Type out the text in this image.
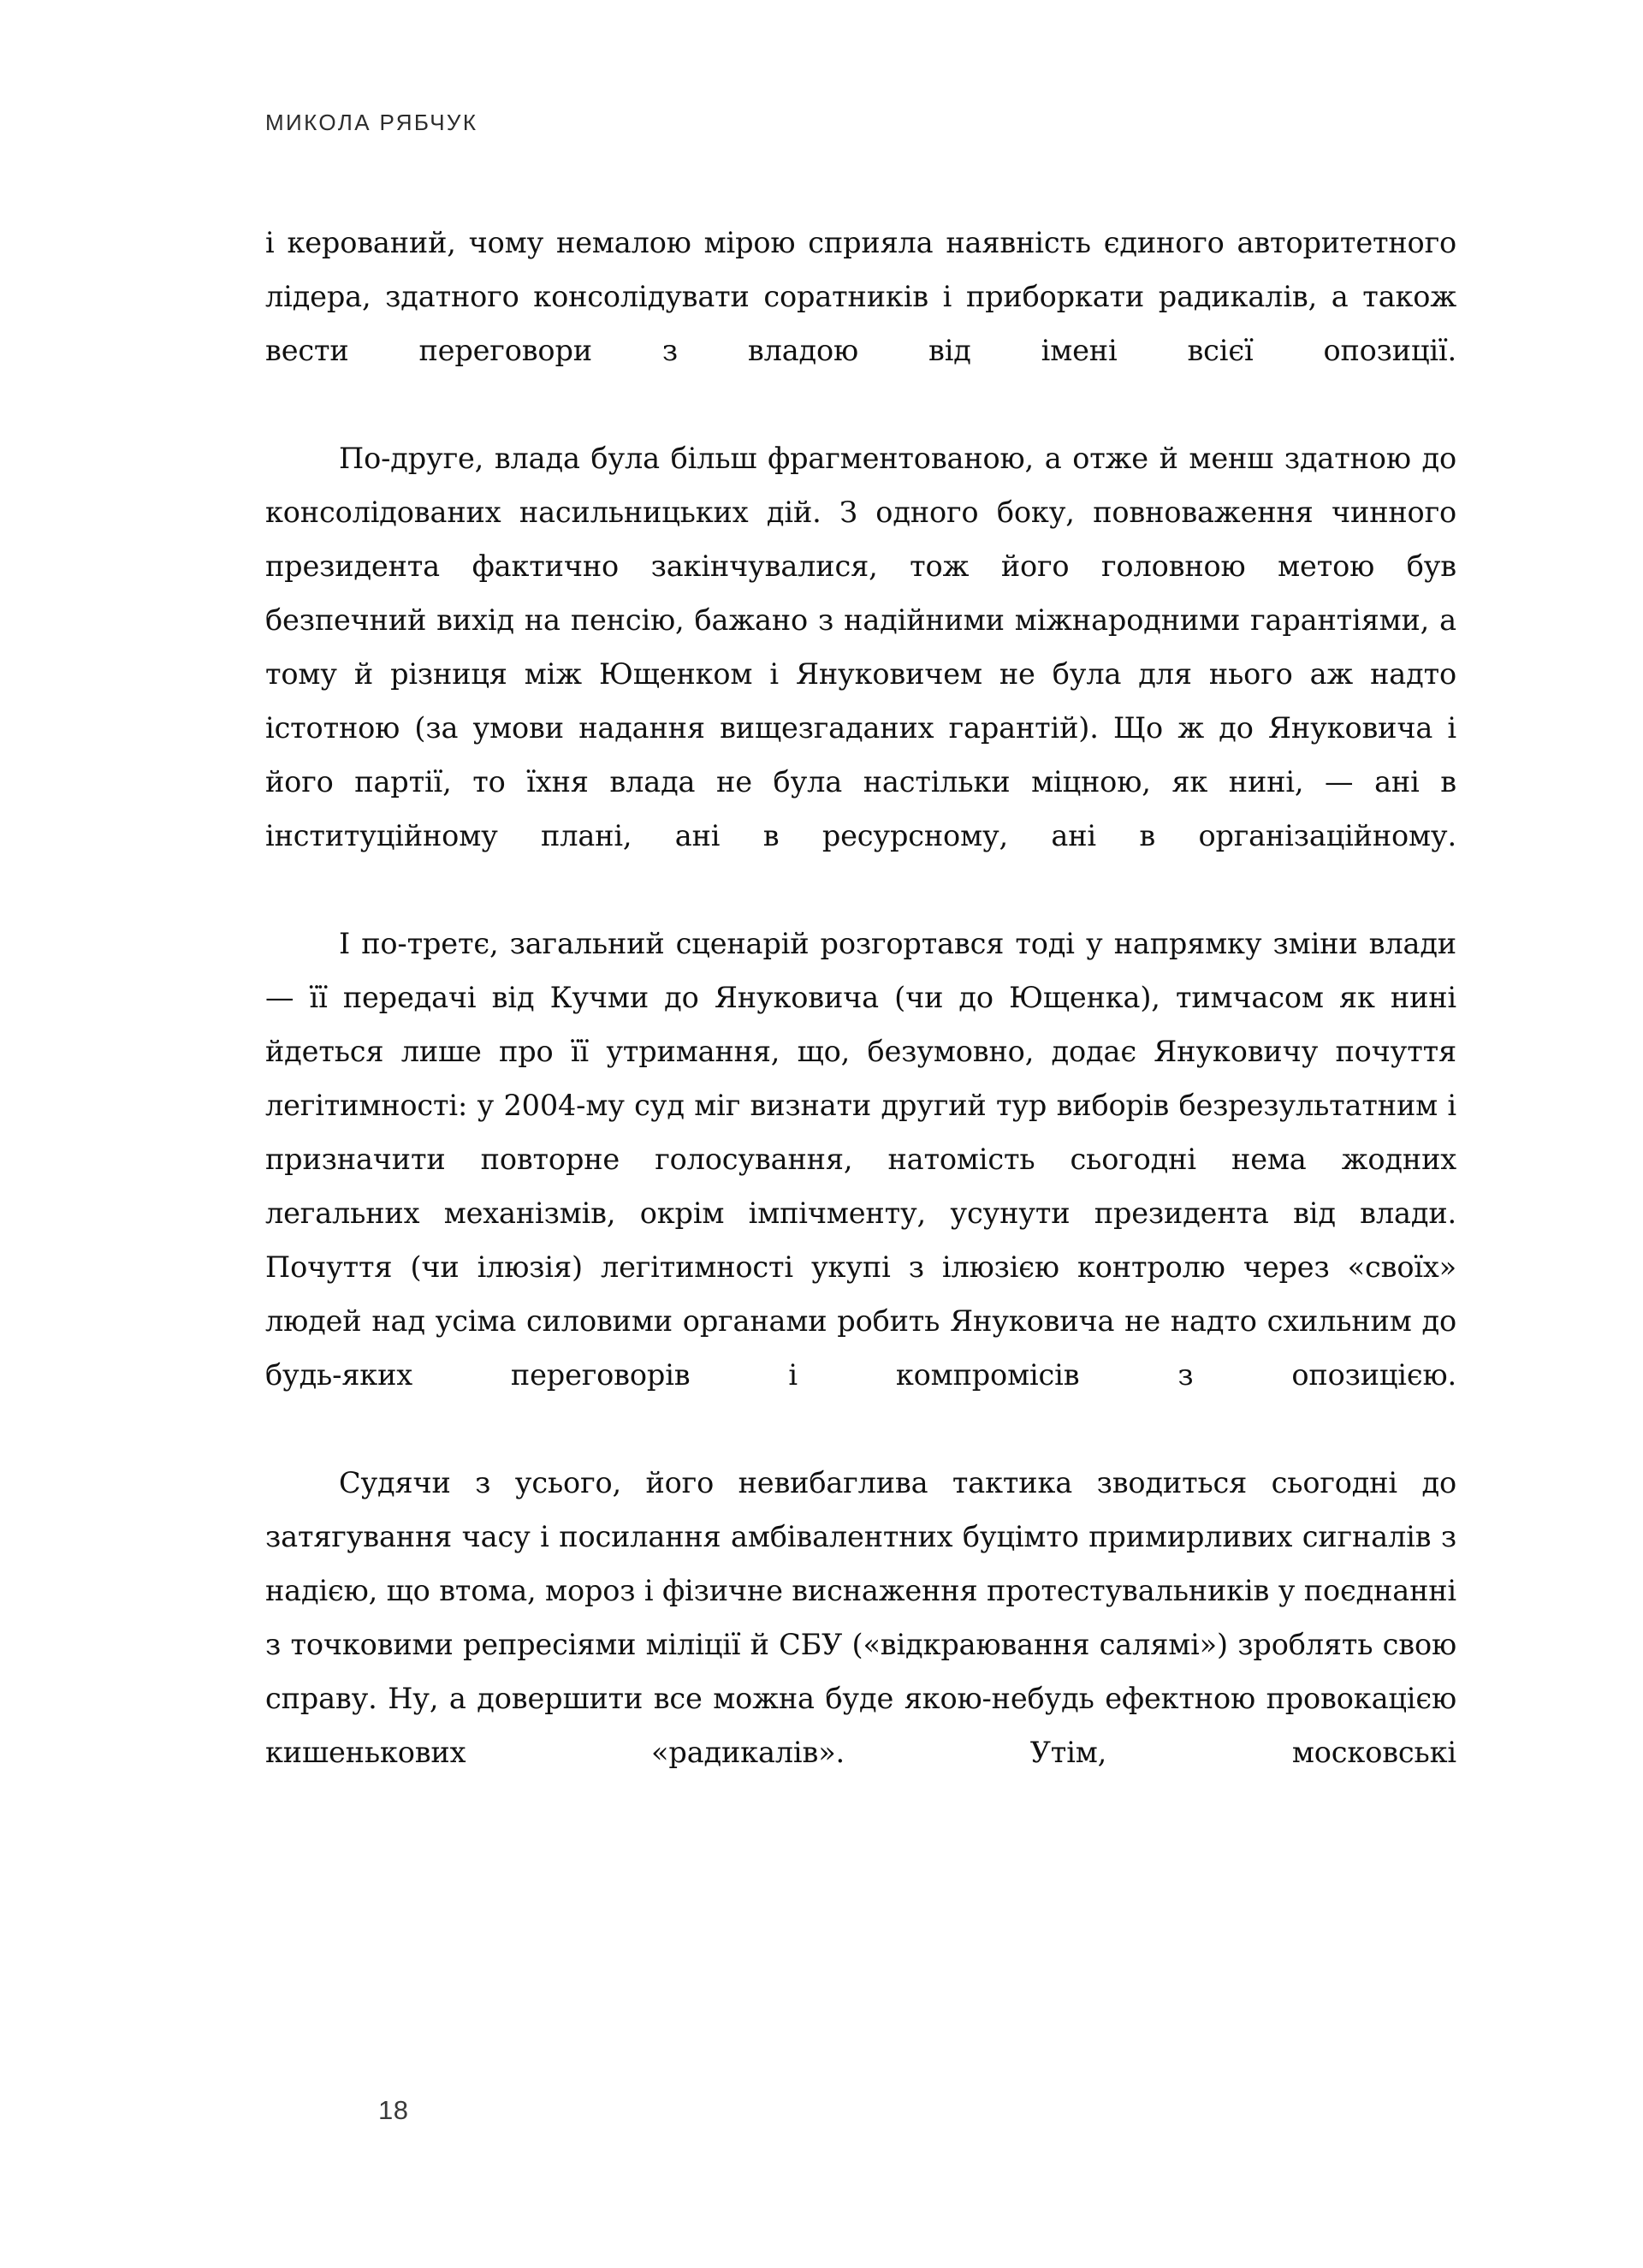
МИКОЛА РЯБЧУК

і керований, чому немалою мірою сприяла наявність єдиного авторитетного лідера, здатного консолідувати соратників і приборкати радикалів, а також вести переговори з владою від імені всієї опозиції.

По-друге, влада була більш фрагментованою, а отже й менш здатною до консолідованих насильницьких дій. З одного боку, повноваження чинного президента фактично закінчувалися, тож його головною метою був безпечний вихід на пенсію, бажано з надійними міжнародними гарантіями, а тому й різниця між Ющенком і Януковичем не була для нього аж надто істотною (за умови надання вищезгаданих гарантій). Що ж до Януковича і його партії, то їхня влада не була настільки міцною, як нині, — ані в інституційному плані, ані в ресурсному, ані в організаційному.

І по-третє, загальний сценарій розгортався тоді у напрямку зміни влади — її передачі від Кучми до Януковича (чи до Ющенка), тимчасом як нині йдеться лише про її утримання, що, безумовно, додає Януковичу почуття легітимності: у 2004-му суд міг визнати другий тур виборів безрезультатним і призначити повторне голосування, натомість сьогодні нема жодних легальних механізмів, окрім імпічменту, усунути президента від влади. Почуття (чи ілюзія) легітимності укупі з ілюзією контролю через «своїх» людей над усіма силовими органами робить Януковича не надто схильним до будь-яких переговорів і компромісів з опозицією.

Судячи з усього, його невибаглива тактика зводиться сьогодні до затягування часу і посилання амбівалентних буцімто примирливих сигналів з надією, що втома, мороз і фізичне виснаження протестувальників у поєднанні з точковими репресіями міліції й СБУ («відкраювання салямі») зроблять свою справу. Ну, а довершити все можна буде якою-небудь ефектною провокацією кишенькових «радикалів». Утім, московські

18
